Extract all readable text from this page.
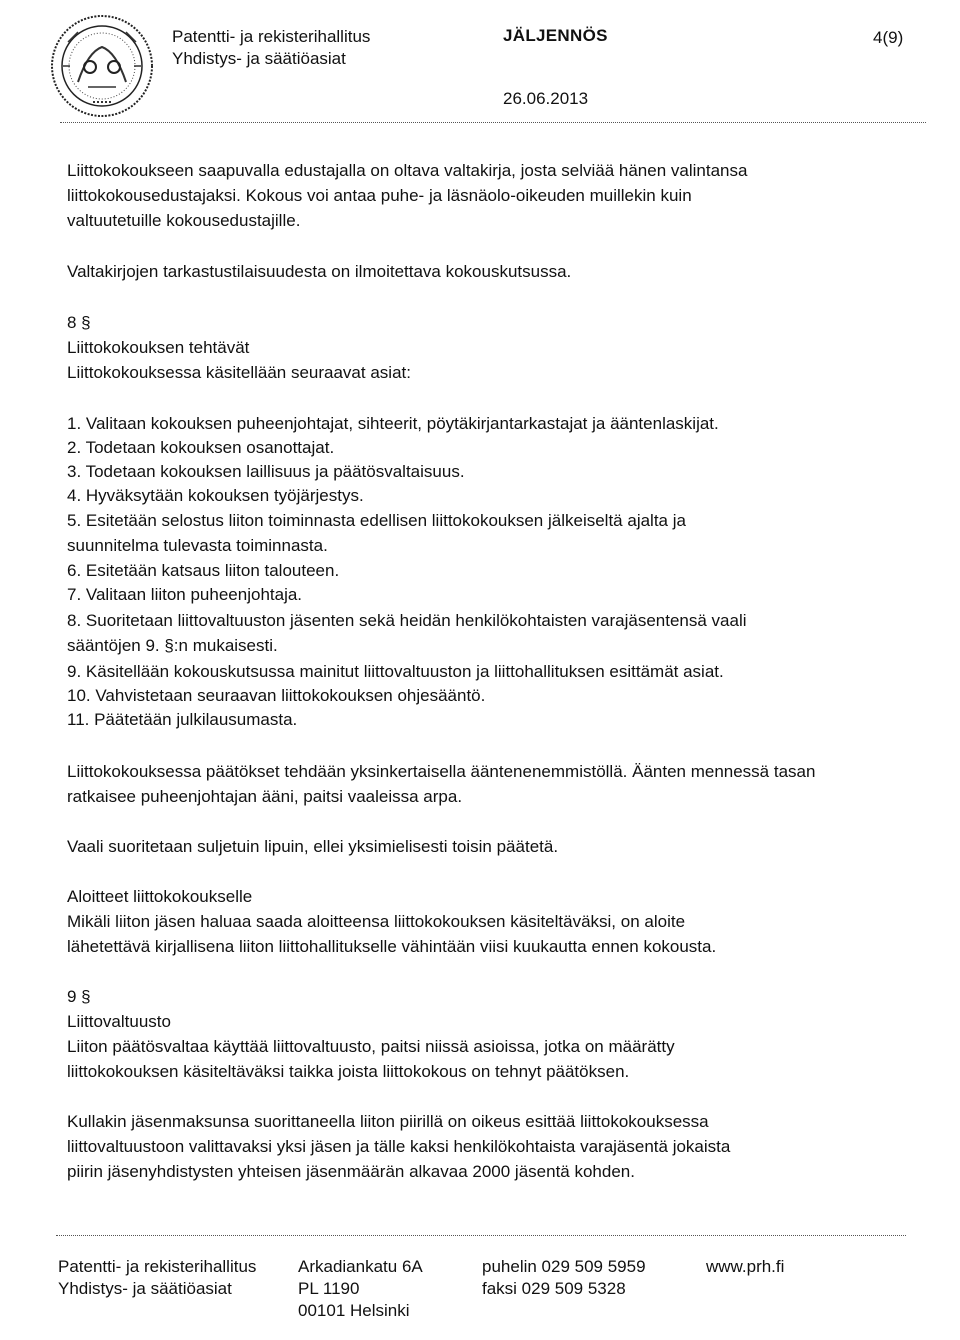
Patentti- ja rekisterihallitus
Yhdistys- ja säätiöasiat
JÄLJENNÖS	4(9)
26.06.2013
Liittokokoukseen saapuvalla edustajalla on oltava valtakirja, josta selviää hänen valintansa
liittokokousedustajaksi. Kokous voi antaa puhe- ja läsnäolo-oikeuden muillekin kuin
valtuutetuille kokousedustajille.
Valtakirjojen tarkastustilaisuudesta on ilmoitettava kokouskutsussa.
8 §
Liittokokouksen tehtävät
Liittokokouksessa käsitellään seuraavat asiat:
1. Valitaan kokouksen puheenjohtajat, sihteerit, pöytäkirjantarkastajat ja ääntenlaskijat.
2. Todetaan kokouksen osanottajat.
3. Todetaan kokouksen laillisuus ja päätösvaltaisuus.
4. Hyväksytään kokouksen työjärjestys.
5. Esitetään selostus liiton toiminnasta edellisen liittokokouksen jälkeiseltä ajalta ja
suunnitelma tulevasta toiminnasta.
6. Esitetään katsaus liiton talouteen.
7. Valitaan liiton puheenjohtaja.
8. Suoritetaan liittovaltuuston jäsenten sekä heidän henkilökohtaisten varajäsentensä vaali
sääntöjen 9. §:n mukaisesti.
9. Käsitellään kokouskutsussa mainitut liittovaltuuston ja liittohallituksen esittämät asiat.
10. Vahvistetaan seuraavan liittokokouksen ohjesääntö.
11. Päätetään julkilausumasta.
Liittokokouksessa päätökset tehdään yksinkertaisella ääntenenemmistöllä. Äänten mennessä tasan
ratkaisee puheenjohtajan ääni, paitsi vaaleissa arpa.
Vaali suoritetaan suljetuin lipuin, ellei yksimielisesti toisin päätetä.
Aloitteet liittokokoukselle
Mikäli liiton jäsen haluaa saada aloitteensa liittokokouksen käsiteltäväksi, on aloite
lähetettävä kirjallisena liiton liittohallitukselle vähintään viisi kuukautta ennen kokousta.
9 §
Liittovaltuusto
Liiton päätösvaltaa käyttää liittovaltuusto, paitsi niissä asioissa, jotka on määrätty
liittokokouksen käsiteltäväksi taikka joista liittokokous on tehnyt päätöksen.
Kullakin jäsenmaksunsa suorittaneella liiton piirillä on oikeus esittää liittokokouksessa
liittovaltuustoon valittavaksi yksi jäsen ja tälle kaksi henkilökohtaista varajäsentä jokaista
piirin jäsenyhdistysten yhteisen jäsenmäärän alkavaa 2000 jäsentä kohden.
Patentti- ja rekisterihallitus
Yhdistys- ja säätiöasiat
Arkadiankatu 6A
PL 1190
00101 Helsinki
puhelin 029 509 5959
faksi 029 509 5328
www.prh.fi
